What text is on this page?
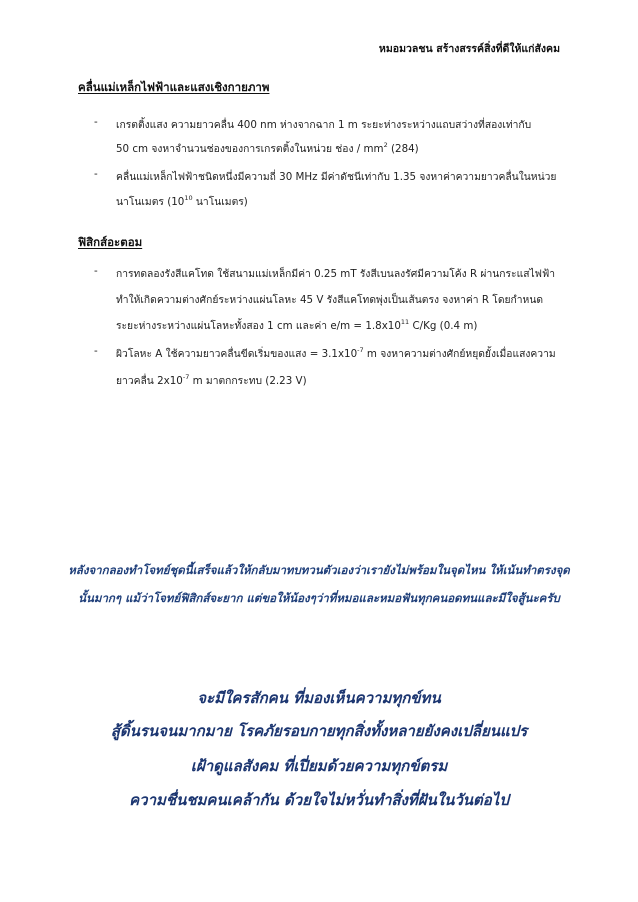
หมอมวลชน สร้างสรรค์สิ่งที่ดีให้แก่สังคม
คลื่นแม่เหล็กไฟฟ้าและแสงเชิงกายภาพ
- เกรตติ้งแสง ความยาวคลื่น 400 nm ห่างจากฉาก 1 m ระยะห่างระหว่างแถบสว่างที่สองเท่ากับ
50 cm จงหาจำนวนช่องของการเกรตติ้งในหน่วย ช่อง / $mm^2$ (284)
- คลื่นแม่เหล็กไฟฟ้าชนิดหนึ่งมีความถี่ 30 MHz มีค่าดัชนีเท่ากับ 1.35 จงหาค่าความยาวคลื่นในหน่วย
นาโนเมตร ($10^{10}$ นาโนเมตร)
ฟิสิกส์อะตอม
- การทดลองรังสีแคโทด ใช้สนามแม่เหล็กมีค่า 0.25 mT รังสีเบนลงรัศมีความโค้ง R ผ่านกระแสไฟฟ้า
ทำให้เกิดความต่างศักย์ระหว่างแผ่นโลหะ 45 V รังสีแคโทดพุ่งเป็นเส้นตรง จงหาค่า R โดยกำหนด
ระยะห่างระหว่างแผ่นโลหะทั้งสอง 1 cm และค่า $e/m = 1.8x10^{11}$ C/Kg (0.4 m)
- ผิวโลหะ A ใช้ความยาวคลื่นขีดเริ่มของแสง = $3.1x10^{-7}$ m จงหาความต่างศักย์หยุดยั้งเมื่อแสงความ
ยาวคลื่น $2x10^{-7}$ m มาตกกระทบ (2.23 V)
หลังจากลองทำโจทย์ชุดนี้เสร็จแล้วให้กลับมาทบทวนตัวเองว่าเรายังไม่พร้อมในจุดไหน ให้เน้นทำตรงจุด
นั้นมากๆ แม้ว่าโจทย์ฟิสิกส์จะยาก แต่ขอให้น้องๆว่าที่หมอและหมอฟันทุกคนอดทนและมีใจสู้นะครับ
จะมีใครสักคน ที่มองเห็นความทุกข์ทน
สู้ดิ้นรนจนมากมาย โรคภัยรอบกายทุกสิ่งทั้งหลายยังคงเปลี่ยนแปร
เฝ้าดูแลสังคม ที่เปี่ยมด้วยความทุกข์ตรม
ความชื่นชมคนเคล้ากัน ด้วยใจไม่หวั่นทำสิ่งที่ฝันในวันต่อไป
